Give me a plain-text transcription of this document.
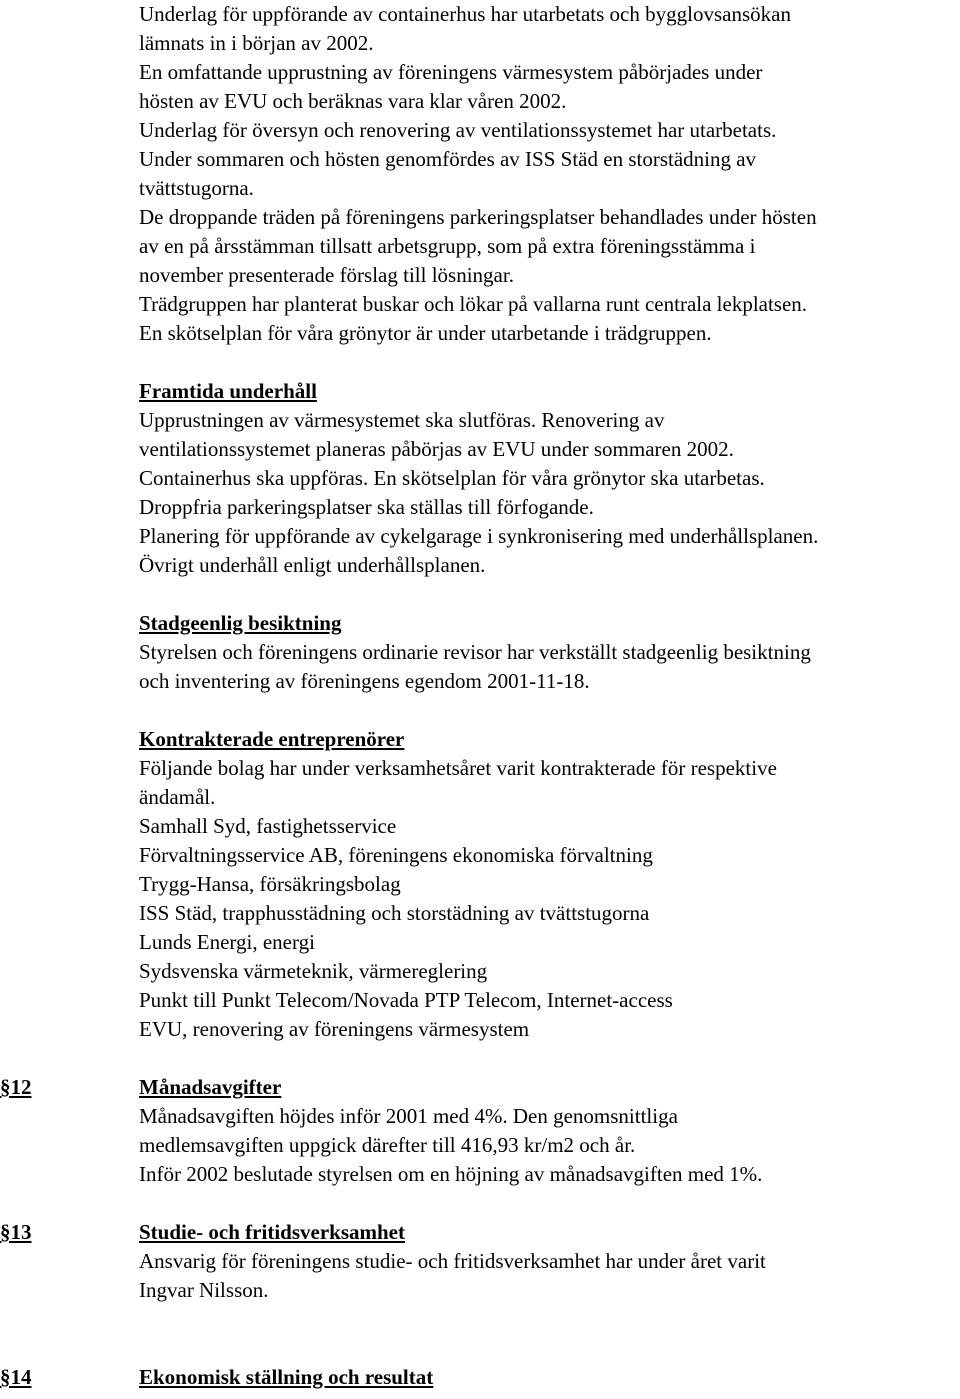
Underlag för uppförande av containerhus har utarbetats och bygglovsansökan
lämnats in i början av 2002.

En omfattande upprustning av föreningens värmesystem påbörjades under
hösten av EVU och beräknas vara klar våren 2002.

Underlag för översyn och renovering av ventilationssystemet har utarbetats.

Under sommaren och hösten genomfördes av ISS Städ en storstädning av
tvättstugorna.

De droppande träden på föreningens parkeringsplatser behandlades under hösten
av en på årsstämman tillsatt arbetsgrupp, som på extra föreningsstämma i
november presenterade förslag till lösningar.

Trädgruppen har planterat buskar och lökar på vallarna runt centrala lekplatsen.

En skötselplan för våra grönytor är under utarbetande i trädgruppen.

Framtida underhåll

Upprustningen av värmesystemet ska slutföras. Renovering av
ventilationssystemet planeras påbörjas av EVU under sommaren 2002.

Containerhus ska uppföras. En skötselplan för våra grönytor ska utarbetas.

Droppfria parkeringsplatser ska ställas till förfogande.

Planering för uppförande av cykelgarage i synkronisering med underhållsplanen.

Övrigt underhåll enligt underhållsplanen.

Stadgeenlig besiktning

Styrelsen och föreningens ordinarie revisor har verkställt stadgeenlig besiktning
och inventering av föreningens egendom 2001-11-18.

Kontrakterade entreprenörer

Följande bolag har under verksamhetsåret varit kontrakterade för respektive
ändamål.

Samhall Syd, fastighetsservice

Förvaltningsservice AB, föreningens ekonomiska förvaltning

Trygg-Hansa, försäkringsbolag

ISS Städ, trapphusstädning och storstädning av tvättstugorna

Lunds Energi, energi

Sydsvenska värmeteknik, värmereglering

Punkt till Punkt Telecom/Novada PTP Telecom, Internet-access

EVU, renovering av föreningens värmesystem

§12	Månadsavgifter

Månadsavgiften höjdes inför 2001 med 4%. Den genomsnittliga
medlemsavgiften uppgick därefter till 416,93 kr/m2 och år.

Inför 2002 beslutade styrelsen om en höjning av månadsavgiften med 1%.

§13	Studie- och fritidsverksamhet

Ansvarig för föreningens studie- och fritidsverksamhet har under året varit
Ingvar Nilsson.

§14	Ekonomisk ställning och resultat
